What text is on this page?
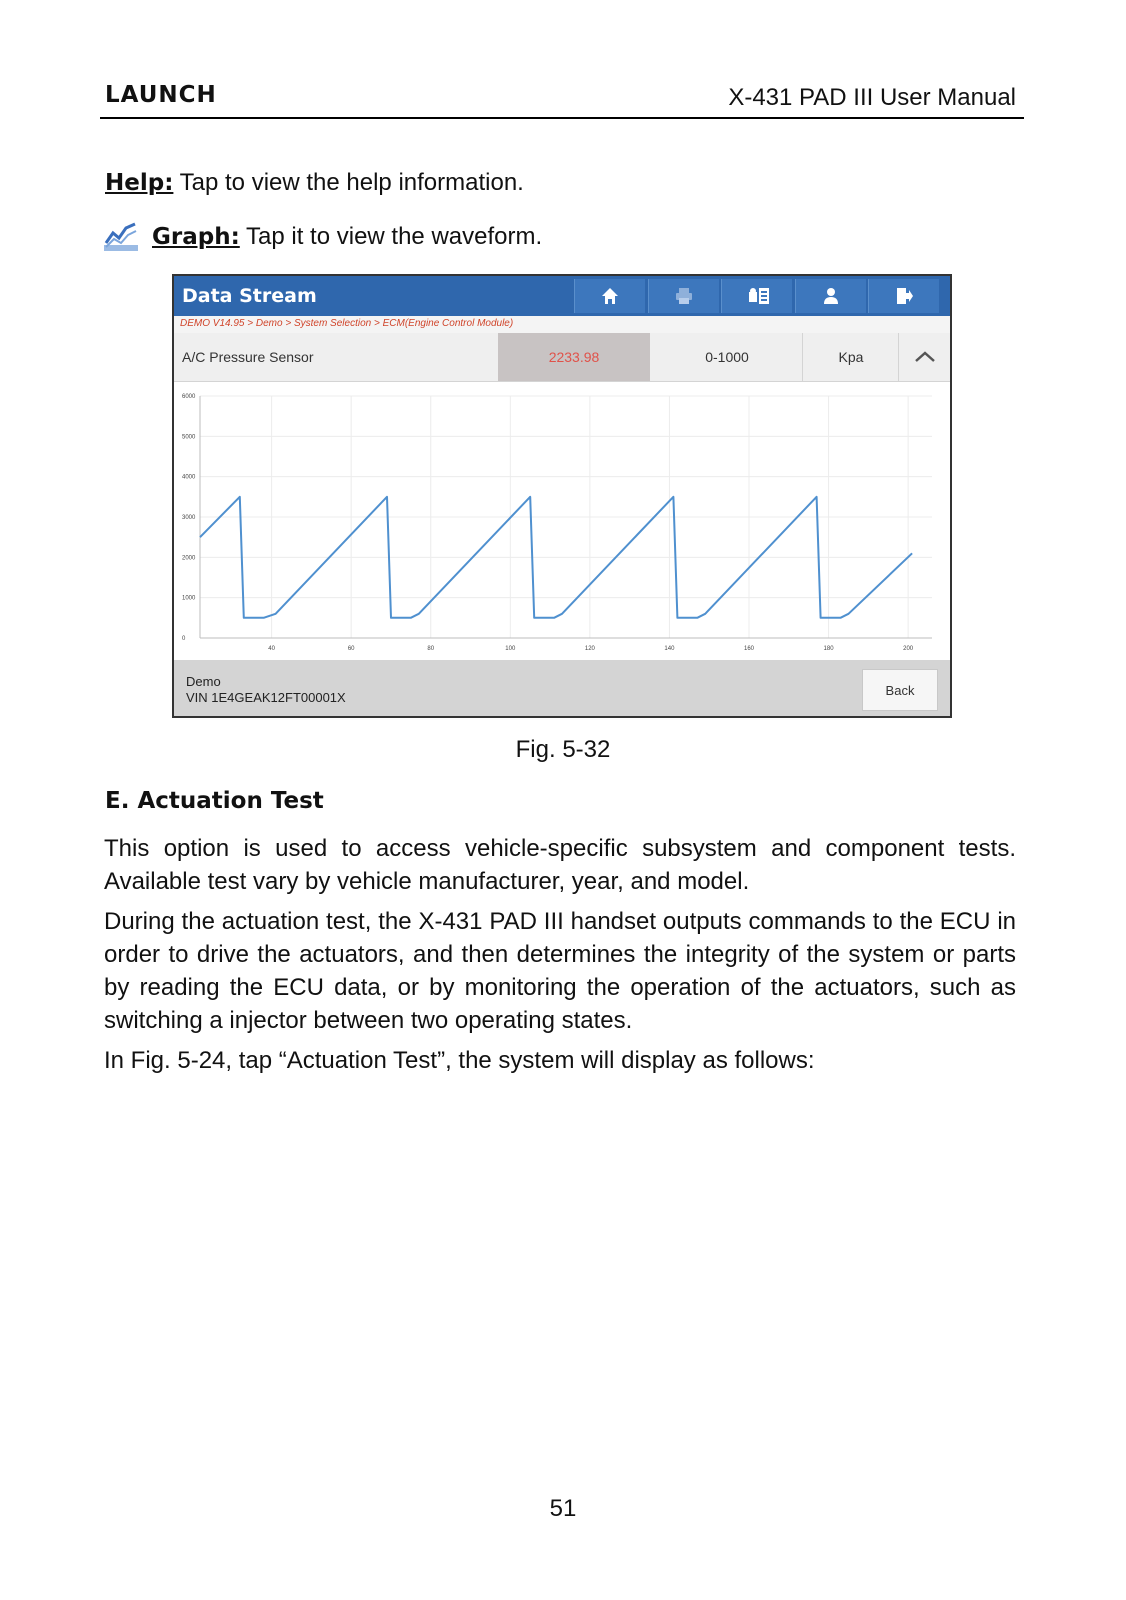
LAUNCH	X-431 PAD III User Manual
Help: Tap to view the help information.
Graph: Tap it to view the waveform.
Data Stream
DEMO V14.95 > Demo > System Selection > ECM(Engine Control Module)
A/C Pressure Sensor	2233.98	0-1000	Kpa
0
1000
2000
3000
4000
5000
6000
40	60	80	100	120	140	160	180	200
Demo
VIN 1E4GEAK12FT00001X	Back
Fig. 5-32
E. Actuation Test
This option is used to access vehicle-specific subsystem and component tests. Available test vary by vehicle manufacturer, year, and model.
During the actuation test, the X-431 PAD III handset outputs commands to the ECU in order to drive the actuators, and then determines the integrity of the system or parts by reading the ECU data, or by monitoring the operation of the actuators, such as switching a injector between two operating states.
In Fig. 5-24, tap “Actuation Test”, the system will display as follows:
51
